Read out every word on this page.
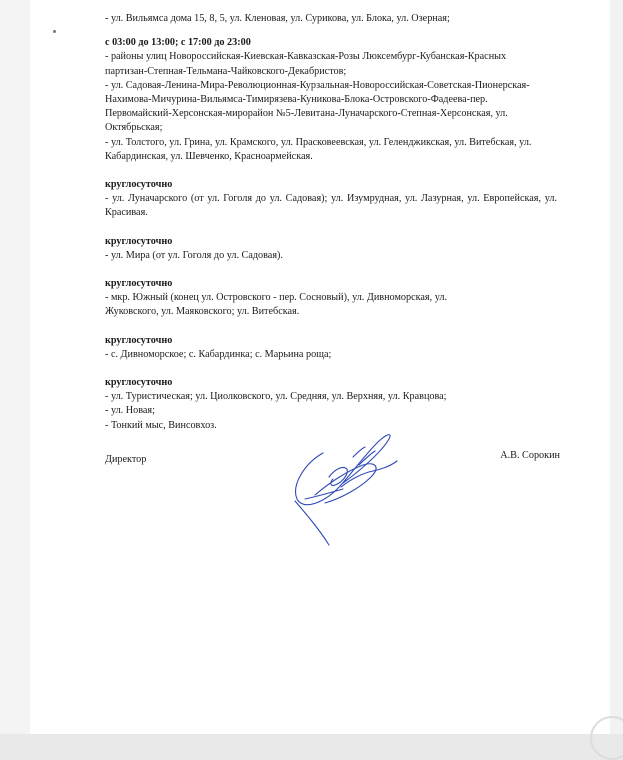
- ул. Вильямса дома 15, 8, 5, ул. Кленовая, ул. Сурикова, ул. Блока, ул. Озерная;
с 03:00 до 13:00; с 17:00 до 23:00
- районы улиц Новороссийская-Киевская-Кавказская-Розы Люксембург-Кубанская-Красных партизан-Степная-Тельмана-Чайковского-Декабристов;
- ул. Садовая-Ленина-Мира-Революционная-Курзальная-Новороссийская-Советская-Пионерская-Нахимова-Мичурина-Вильямса-Тимирязева-Куникова-Блока-Островского-Фадеева-пер. Первомайский-Херсонская-мирорайон №5-Левитана-Луначарского-Степная-Херсонская, ул. Октябрьская;
- ул. Толстого, ул. Грина, ул. Крамского, ул. Прасковеевская, ул. Геленджикская, ул. Витебская, ул. Кабардинская, ул. Шевченко, Красноармейская.
круглосуточно
- ул. Луначарского (от ул. Гоголя до ул. Садовая); ул. Изумрудная, ул. Лазурная, ул. Европейская, ул. Красивая.
круглосуточно
- ул. Мира (от ул. Гоголя до ул. Садовая).
круглосуточно
- мкр. Южный (конец ул. Островского - пер. Сосновый), ул. Дивноморская, ул. Жуковского, ул. Маяковского; ул. Витебская.
круглосуточно
- с. Дивноморское; с. Кабардинка; с. Марьина роща;
круглосуточно
- ул. Туристическая; ул. Циолковского, ул. Средняя, ул. Верхняя, ул. Кравцова;
- ул. Новая;
- Тонкий мыс, Винсовхоз.
Директор	А.В. Сорокин
